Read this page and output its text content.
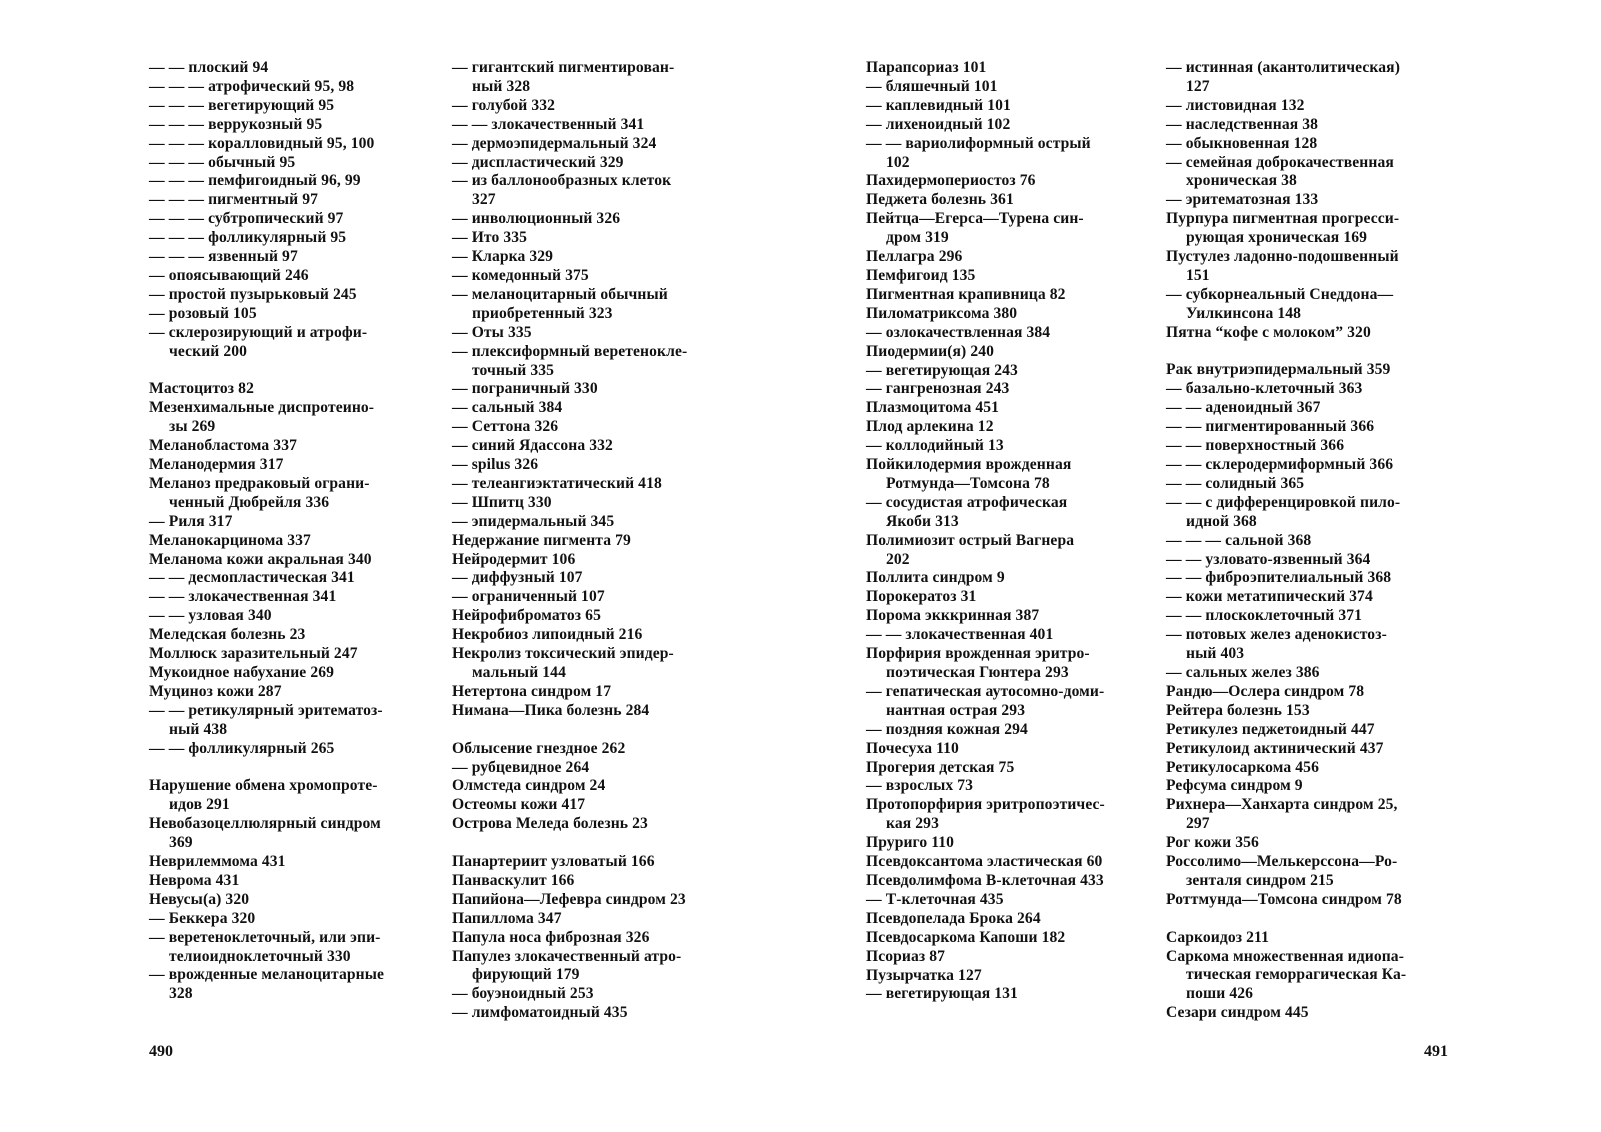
— — плоский 94
— — — атрофический 95, 98
— — — вегетирующий 95
— — — веррукозный 95
— — — коралловидный 95, 100
— — — обычный 95
— — — пемфигоидный 96, 99
— — — пигментный 97
— — — субтропический 97
— — — фолликулярный 95
— — — язвенный 97
— опоясывающий 246
— простой пузырьковый 245
— розовый 105
— склерозирующий и атрофи-
ческий 200
Мастоцитоз 82
Мезенхимальные диспротеино-
зы 269
Меланобластома 337
Меланодермия 317
Меланоз предраковый ограни-
ченный Дюбрейля 336
— Риля 317
Меланокарцинома 337
Меланома кожи акральная 340
— — десмопластическая 341
— — злокачественная 341
— — узловая 340
Меледская болезнь 23
Моллюск заразительный 247
Мукоидное набухание 269
Муциноз кожи 287
— — ретикулярный эритематоз-
ный 438
— — фолликулярный 265
Нарушение обмена хромопроте-
идов 291
Невобазоцеллюлярный синдром
369
Неврилеммома 431
Неврома 431
Невусы(а) 320
— Беккера 320
— веретеноклеточный, или эпи-
телиоидноклеточный 330
— врожденные меланоцитарные
328
— гигантский пигментирован-
ный 328
— голубой 332
— — злокачественный 341
— дермоэпидермальный 324
— диспластический 329
— из баллонообразных клеток
327
— инволюционный 326
— Ито 335
— Кларка 329
— комедонный 375
— меланоцитарный обычный
приобретенный 323
— Оты 335
— плексиформный веретенокле-
точный 335
— пограничный 330
— сальный 384
— Сеттона 326
— синий Ядассона 332
— spilus 326
— телеангиэктатический 418
— Шпитц 330
— эпидермальный 345
Недержание пигмента 79
Нейродермит 106
— диффузный 107
— ограниченный 107
Нейрофиброматоз 65
Некробиоз липоидный 216
Некролиз токсический эпидер-
мальный 144
Нетертона синдром 17
Нимана—Пика болезнь 284
Облысение гнездное 262
— рубцевидное 264
Олмстеда синдром 24
Остеомы кожи 417
Острова Меледа болезнь 23
Панартериит узловатый 166
Панваскулит 166
Папийона—Лефевра синдром 23
Папиллома 347
Папула носа фиброзная 326
Папулез злокачественный атро-
фирующий 179
— боуэноидный 253
— лимфоматоидный 435
Парапсориаз 101
— бляшечный 101
— каплевидный 101
— лихеноидный 102
— — вариолиформный острый
102
Пахидермопериостоз 76
Педжета болезнь 361
Пейтца—Егерса—Турена син-
дром 319
Пеллагра 296
Пемфигоид 135
Пигментная крапивница 82
Пиломатриксома 380
— озлокачествленная 384
Пиодермии(я) 240
— вегетирующая 243
— гангренозная 243
Плазмоцитома 451
Плод арлекина 12
— коллодийный 13
Пойкилодермия врожденная
Ротмунда—Томсона 78
— сосудистая атрофическая
Якоби 313
Полимиозит острый Вагнера
202
Поллита синдром 9
Порокератоз 31
Порома экккринная 387
— — злокачественная 401
Порфирия врожденная эритро-
поэтическая Гюнтера 293
— гепатическая аутосомно-доми-
нантная острая 293
— поздняя кожная 294
Почесуха 110
Прогерия детская 75
— взрослых 73
Протопорфирия эритропоэтичес-
кая 293
Пруриго 110
Псевдоксантома эластическая 60
Псевдолимфома В-клеточная 433
— Т-клеточная 435
Псевдопелада Брока 264
Псевдосаркома Капоши 182
Псориаз 87
Пузырчатка 127
— вегетирующая 131
— истинная (акантолитическая)
127
— листовидная 132
— наследственная 38
— обыкновенная 128
— семейная доброкачественная
хроническая 38
— эритематозная 133
Пурпура пигментная прогресси-
рующая хроническая 169
Пустулез ладонно-подошвенный
151
— субкорнеальный Снеддона—
Уилкинсона 148
Пятна “кофе с молоком” 320
Рак внутриэпидермальный 359
— базально-клеточный 363
— — аденоидный 367
— — пигментированный 366
— — поверхностный 366
— — склеродермиформный 366
— — солидный 365
— — с дифференцировкой пило-
идной 368
— — — сальной 368
— — узловато-язвенный 364
— — фиброэпителиальный 368
— кожи метатипический 374
— — плоскоклеточный 371
— потовых желез аденокистоз-
ный 403
— сальных желез 386
Рандю—Ослера синдром 78
Рейтера болезнь 153
Ретикулез педжетоидный 447
Ретикулоид актинический 437
Ретикулосаркома 456
Рефсума синдром 9
Рихнера—Ханхарта синдром 25,
297
Рог кожи 356
Россолимо—Мелькерссона—Ро-
зенталя синдром 215
Роттмунда—Томсона синдром 78
Саркоидоз 211
Саркома множественная идиопа-
тическая геморрагическая Ка-
поши 426
Сезари синдром 445
490	491
